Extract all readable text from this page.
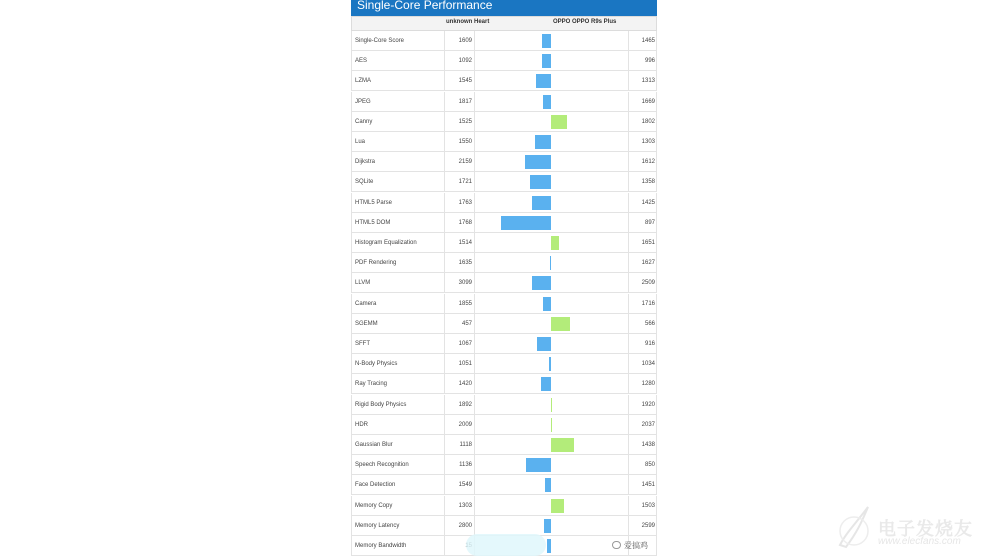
Single-Core Performance
unknown Heart	OPPO OPPO R9s Plus
Single-Core Score	1609	1465
AES	1092	996
LZMA	1545	1313
JPEG	1817	1669
Canny	1525	1802
Lua	1550	1303
Dijkstra	2159	1612
SQLite	1721	1358
HTML5 Parse	1763	1425
HTML5 DOM	1768	897
Histogram Equalization	1514	1651
PDF Rendering	1635	1627
LLVM	3099	2509
Camera	1855	1716
SGEMM	457	566
SFFT	1067	916
N-Body Physics	1051	1034
Ray Tracing	1420	1280
Rigid Body Physics	1892	1920
HDR	2009	2037
Gaussian Blur	1118	1438
Speech Recognition	1136	850
Face Detection	1549	1451
Memory Copy	1303	1503
Memory Latency	2800	2599
Memory Bandwidth	爱搞鸡
电子发烧友
www.elecfans.com
